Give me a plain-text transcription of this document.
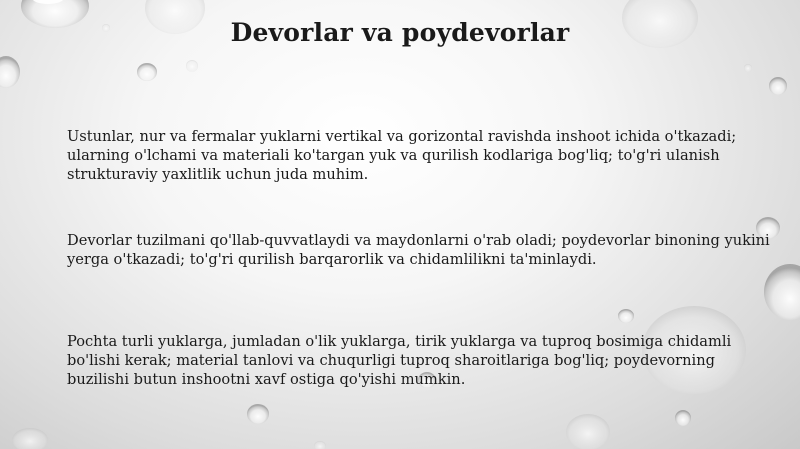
Devorlar va poydevorlar

Ustunlar, nur va fermalar yuklarni vertikal va gorizontal ravishda inshoot ichida o'tkazadi; ularning o'lchami va materiali ko'targan yuk va qurilish kodlariga bog'liq; to'g'ri ulanish strukturaviy yaxlitlik uchun juda muhim.

Devorlar tuzilmani qo'llab-quvvatlaydi va maydonlarni o'rab oladi; poydevorlar binoning yukini yerga o'tkazadi; to'g'ri qurilish barqarorlik va chidamlilikni ta'minlaydi.

Pochta turli yuklarga, jumladan o'lik yuklarga, tirik yuklarga va tuproq bosimiga chidamli bo'lishi kerak; material tanlovi va chuqurligi tuproq sharoitlariga bog'liq; poydevorning buzilishi butun inshootni xavf ostiga qo'yishi mumkin.
